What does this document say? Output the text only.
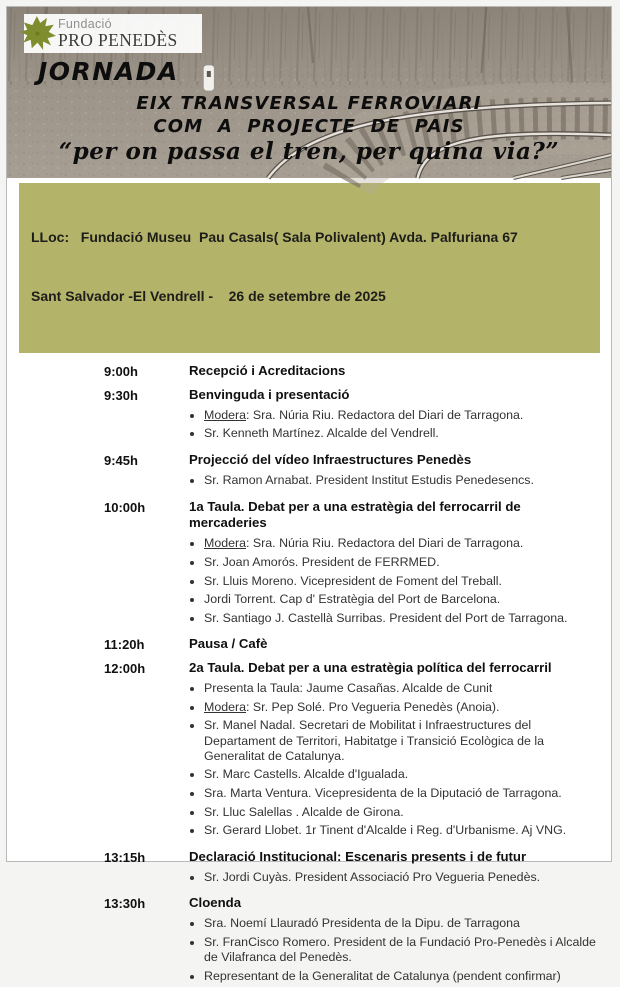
Fundació
PRO PENEDÈS
JORNADA
EIX TRANSVERSAL FERROVIARI
COM A PROJECTE DE PAIS
“per on passa el tren, per quina via?”

LLoc:   Fundació Museu  Pau Casals( Sala Polivalent) Avda. Palfuriana 67

Sant Salvador -El Vendrell -    26 de setembre de 2025

9:00h	Recepció i Acreditacions
9:30h	Benvinguda i presentació
• Modera: Sra. Núria Riu. Redactora del Diari de Tarragona.
• Sr. Kenneth Martínez. Alcalde del Vendrell.
9:45h	Projecció del vídeo Infraestructures Penedès
• Sr. Ramon Arnabat. President Institut Estudis Penedesencs.
10:00h	1a Taula. Debat per a una estratègia del ferrocarril de mercaderies
• Modera: Sra. Núria Riu. Redactora del Diari de Tarragona.
• Sr. Joan Amorós. President de FERRMED.
• Sr. Lluis Moreno. Vicepresident de Foment del Treball.
• Jordi Torrent. Cap d' Estratègia del Port de Barcelona.
• Sr. Santiago J. Castellà Surribas. President del Port de Tarragona.
11:20h	Pausa / Cafè
12:00h	2a Taula. Debat per a una estratègia política del ferrocarril
• Presenta la Taula: Jaume Casañas. Alcalde de Cunit
• Modera: Sr. Pep Solé. Pro Vegueria Penedès (Anoia).
• Sr. Manel Nadal. Secretari de Mobilitat i Infraestructures del Departament de Territori, Habitatge i Transició Ecològica de la Generalitat de Catalunya.
• Sr. Marc Castells. Alcalde d'Igualada.
• Sra. Marta Ventura. Vicepresidenta de la Diputació de Tarragona.
• Sr. Lluc Salellas . Alcalde de Girona.
• Sr. Gerard Llobet. 1r Tinent d'Alcalde i Reg. d'Urbanisme. Aj VNG.
13:15h	Declaració Institucional: Escenaris presents i de futur
• Sr. Jordi Cuyàs. President Associació Pro Vegueria Penedès.
13:30h	Cloenda
• Sra. Noemí Llauradó Presidenta de la Dipu. de Tarragona
• Sr. FranCisco Romero. President de la Fundació Pro-Penedès i Alcalde de Vilafranca del Penedès.
• Representant de la Generalitat de Catalunya (pendent confirmar)
